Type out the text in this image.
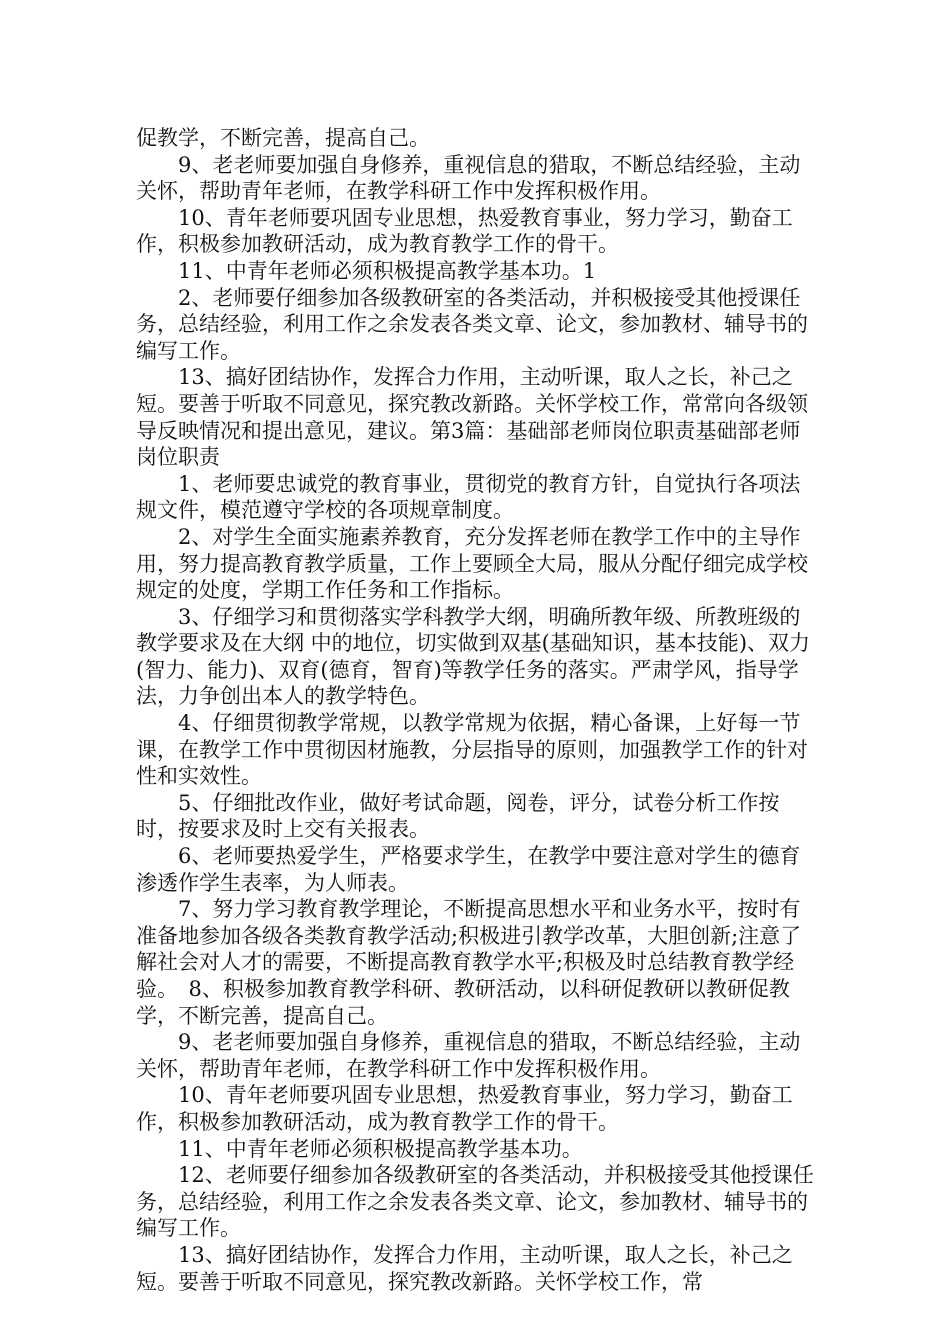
促教学，不断完善，提高自己。

9、老老师要加强自身修养，重视信息的猎取，不断总结经验，主动关怀，帮助青年老师，在教学科研工作中发挥积极作用。

10、青年老师要巩固专业思想，热爱教育事业，努力学习，勤奋工作，积极参加教研活动，成为教育教学工作的骨干。

11、中青年老师必须积极提高教学基本功。1

2、老师要仔细参加各级教研室的各类活动，并积极接受其他授课任务，总结经验，利用工作之余发表各类文章、论文，参加教材、辅导书的编写工作。

13、搞好团结协作，发挥合力作用，主动听课，取人之长，补己之短。要善于听取不同意见，探究教改新路。关怀学校工作，常常向各级领导反映情况和提出意见，建议。第3篇：基础部老师岗位职责基础部老师岗位职责

1、老师要忠诚党的教育事业，贯彻党的教育方针，自觉执行各项法规文件，模范遵守学校的各项规章制度。

2、对学生全面实施素养教育，充分发挥老师在教学工作中的主导作用，努力提高教育教学质量，工作上要顾全大局，服从分配仔细完成学校规定的处度，学期工作任务和工作指标。

3、仔细学习和贯彻落实学科教学大纲，明确所教年级、所教班级的教学要求及在大纲 中的地位，切实做到双基(基础知识，基本技能)、双力(智力、能力)、双育(德育，智育)等教学任务的落实。严肃学风，指导学法，力争创出本人的教学特色。

4、仔细贯彻教学常规，以教学常规为依据，精心备课，上好每一节课，在教学工作中贯彻因材施教，分层指导的原则，加强教学工作的针对性和实效性。

5、仔细批改作业，做好考试命题，阅卷，评分，试卷分析工作按时，按要求及时上交有关报表。

6、老师要热爱学生，严格要求学生，在教学中要注意对学生的德育渗透作学生表率，为人师表。

7、努力学习教育教学理论，不断提高思想水平和业务水平，按时有准备地参加各级各类教育教学活动;积极进引教学改革，大胆创新;注意了解社会对人才的需要，不断提高教育教学水平;积极及时总结教育教学经验。　8、积极参加教育教学科研、教研活动，以科研促教研以教研促教学，不断完善，提高自己。

9、老老师要加强自身修养，重视信息的猎取，不断总结经验，主动关怀，帮助青年老师，在教学科研工作中发挥积极作用。

10、青年老师要巩固专业思想，热爱教育事业，努力学习，勤奋工作，积极参加教研活动，成为教育教学工作的骨干。

11、中青年老师必须积极提高教学基本功。

12、老师要仔细参加各级教研室的各类活动，并积极接受其他授课任务，总结经验，利用工作之余发表各类文章、论文，参加教材、辅导书的编写工作。

13、搞好团结协作，发挥合力作用，主动听课，取人之长，补己之短。要善于听取不同意见，探究教改新路。关怀学校工作，常
